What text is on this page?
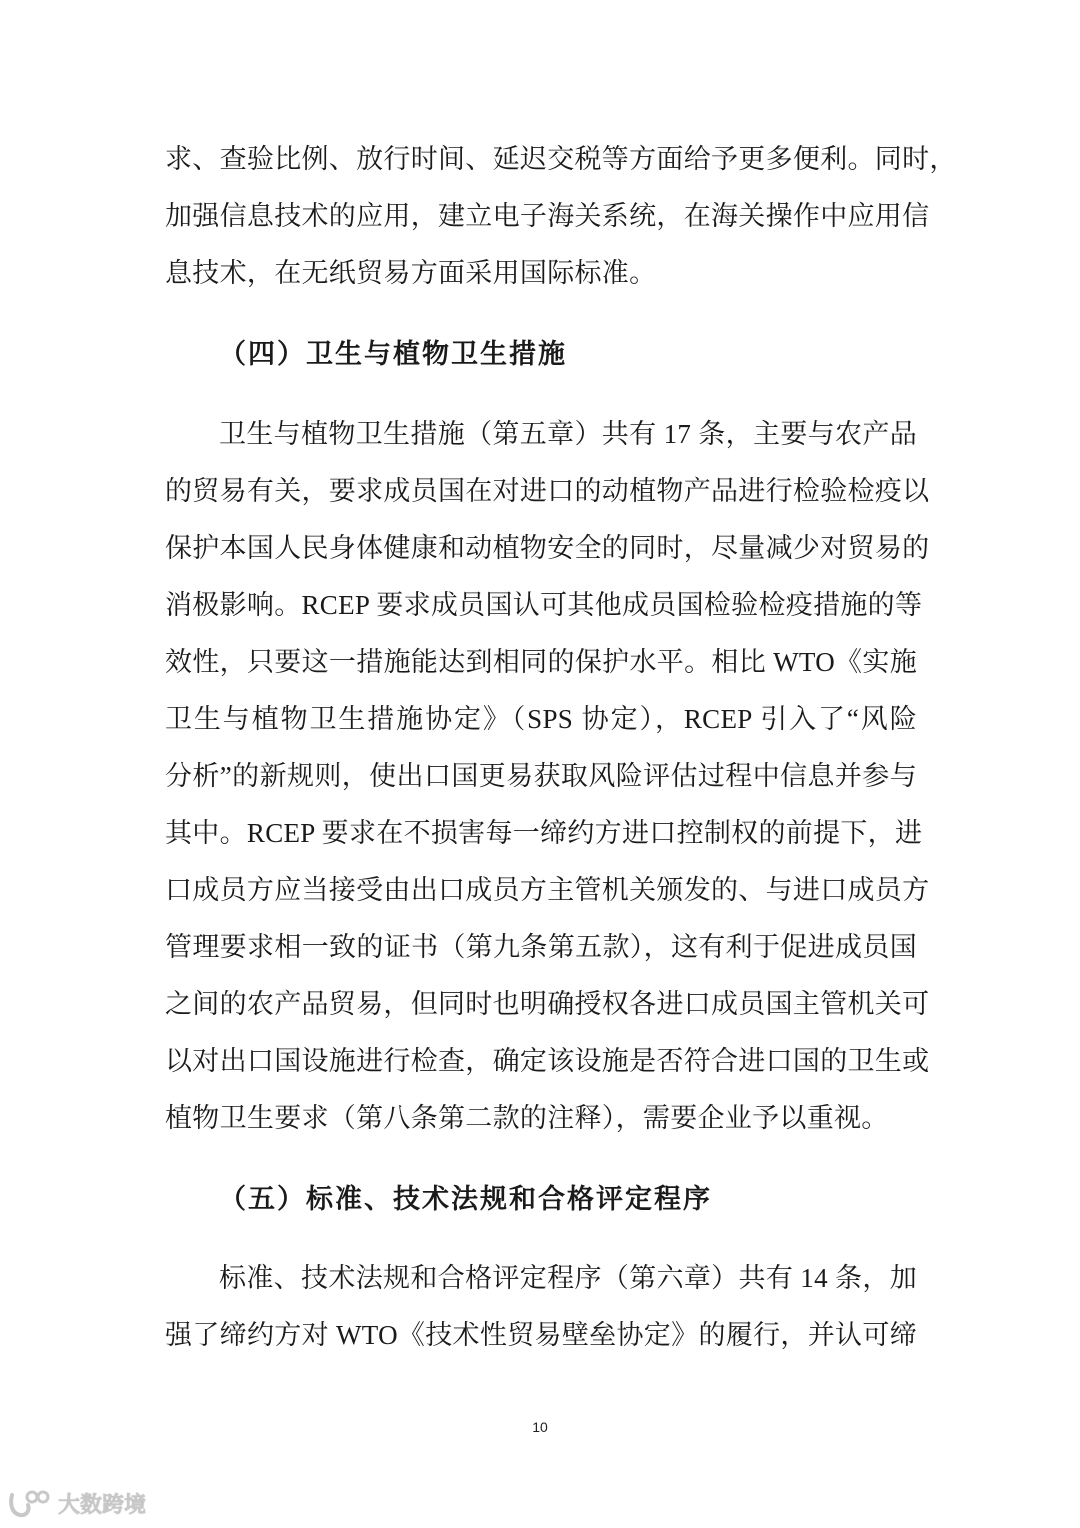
求、查验比例、放行时间、延迟交税等方面给予更多便利。同时，
加强信息技术的应用，建立电子海关系统，在海关操作中应用信
息技术，在无纸贸易方面采用国际标准。
（四）卫生与植物卫生措施
卫生与植物卫生措施（第五章）共有 17 条，主要与农产品
的贸易有关，要求成员国在对进口的动植物产品进行检验检疫以
保护本国人民身体健康和动植物安全的同时，尽量减少对贸易的
消极影响。RCEP 要求成员国认可其他成员国检验检疫措施的等
效性，只要这一措施能达到相同的保护水平。相比 WTO《实施
卫生与植物卫生措施协定》（SPS 协定），RCEP 引入了“风险
分析”的新规则，使出口国更易获取风险评估过程中信息并参与
其中。RCEP 要求在不损害每一缔约方进口控制权的前提下，进
口成员方应当接受由出口成员方主管机关颁发的、与进口成员方
管理要求相一致的证书（第九条第五款），这有利于促进成员国
之间的农产品贸易，但同时也明确授权各进口成员国主管机关可
以对出口国设施进行检查，确定该设施是否符合进口国的卫生或
植物卫生要求（第八条第二款的注释），需要企业予以重视。
（五）标准、技术法规和合格评定程序
标准、技术法规和合格评定程序（第六章）共有 14 条，加
强了缔约方对 WTO《技术性贸易壁垒协定》的履行，并认可缔
10
大数跨境
